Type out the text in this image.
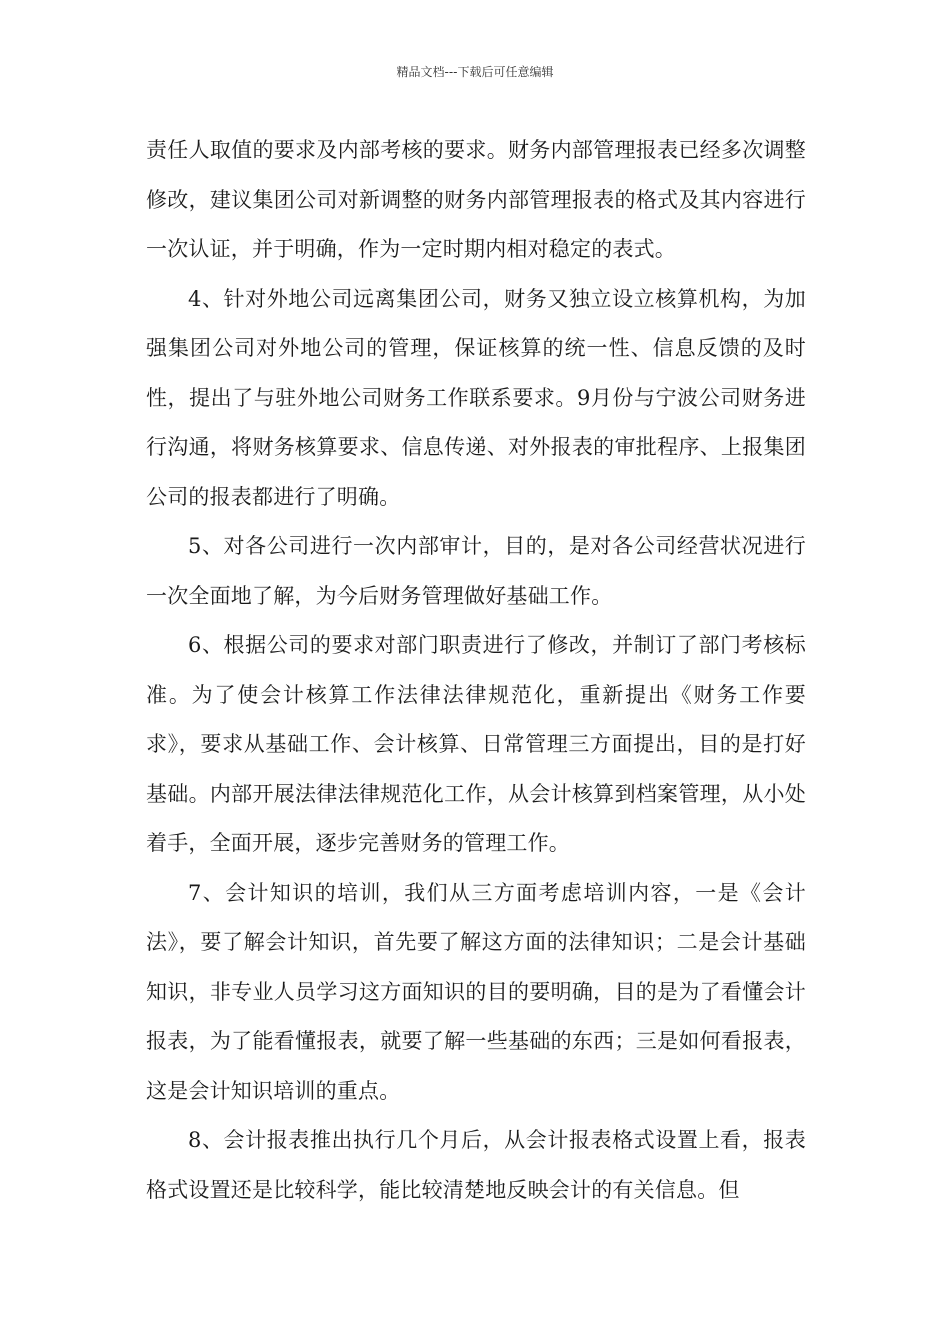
精品文档---下载后可任意编辑

责任人取值的要求及内部考核的要求。财务内部管理报表已经多次调整修改，建议集团公司对新调整的财务内部管理报表的格式及其内容进行一次认证，并于明确，作为一定时期内相对稳定的表式。

4、针对外地公司远离集团公司，财务又独立设立核算机构，为加强集团公司对外地公司的管理，保证核算的统一性、信息反馈的及时性，提出了与驻外地公司财务工作联系要求。9月份与宁波公司财务进行沟通，将财务核算要求、信息传递、对外报表的审批程序、上报集团公司的报表都进行了明确。

5、对各公司进行一次内部审计，目的，是对各公司经营状况进行一次全面地了解，为今后财务管理做好基础工作。

6、根据公司的要求对部门职责进行了修改，并制订了部门考核标准。为了使会计核算工作法律法律规范化，重新提出《财务工作要求》，要求从基础工作、会计核算、日常管理三方面提出，目的是打好基础。内部开展法律法律规范化工作，从会计核算到档案管理，从小处着手，全面开展，逐步完善财务的管理工作。

7、会计知识的培训，我们从三方面考虑培训内容，一是《会计法》，要了解会计知识，首先要了解这方面的法律知识；二是会计基础知识，非专业人员学习这方面知识的目的要明确，目的是为了看懂会计报表，为了能看懂报表，就要了解一些基础的东西；三是如何看报表，这是会计知识培训的重点。

8、会计报表推出执行几个月后，从会计报表格式设置上看，报表格式设置还是比较科学，能比较清楚地反映会计的有关信息。但
